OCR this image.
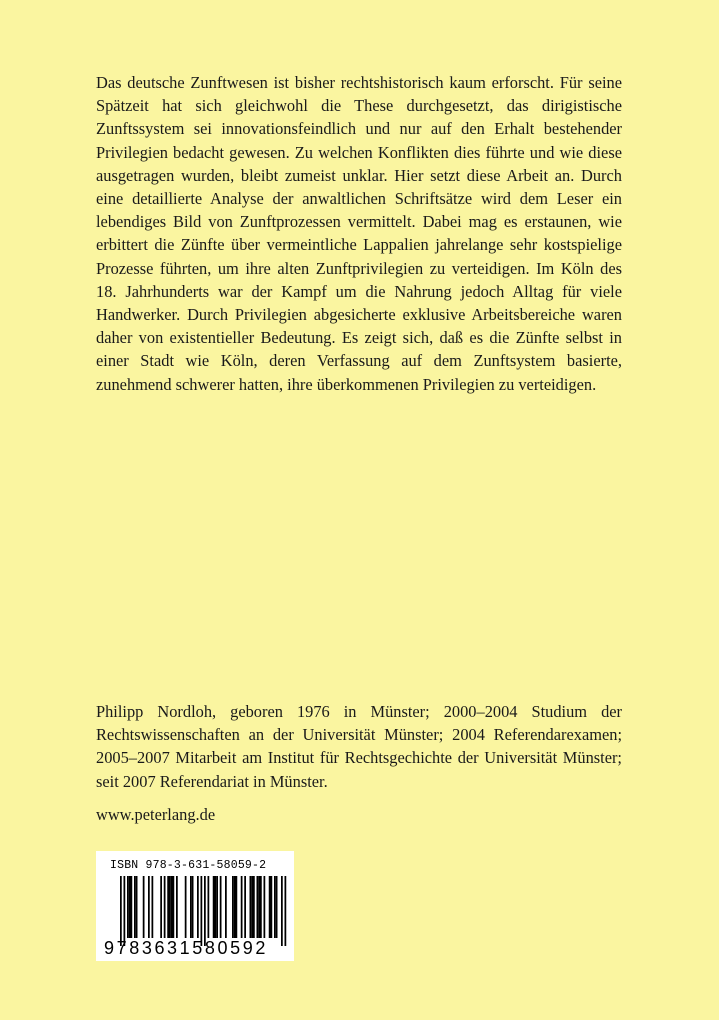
Das deutsche Zunftwesen ist bisher rechtshistorisch kaum erforscht. Für seine Spätzeit hat sich gleichwohl die These durchgesetzt, das dirigistische Zunftssystem sei innovationsfeindlich und nur auf den Erhalt bestehender Privilegien bedacht gewesen. Zu welchen Konflikten dies führte und wie diese ausgetragen wurden, bleibt zumeist unklar. Hier setzt diese Arbeit an. Durch eine detaillierte Analyse der anwaltlichen Schriftsätze wird dem Leser ein lebendiges Bild von Zunftprozessen vermittelt. Dabei mag es erstaunen, wie erbittert die Zünfte über vermeintliche Lappalien jahrelange sehr kostspielige Prozesse führten, um ihre alten Zunftprivilegien zu verteidigen. Im Köln des 18. Jahrhunderts war der Kampf um die Nahrung jedoch Alltag für viele Handwerker. Durch Privilegien abgesicherte exklusive Arbeitsbereiche waren daher von existentieller Bedeutung. Es zeigt sich, daß es die Zünfte selbst in einer Stadt wie Köln, deren Verfassung auf dem Zunftsystem basierte, zunehmend schwerer hatten, ihre überkommenen Privilegien zu verteidigen.

Philipp Nordloh, geboren 1976 in Münster; 2000–2004 Studium der Rechtswissenschaften an der Universität Münster; 2004 Referendarexamen; 2005–2007 Mitarbeit am Institut für Rechtsgechichte der Universität Münster; seit 2007 Referendariat in Münster.

www.peterlang.de

ISBN 978-3-631-58059-2
9783631580592
